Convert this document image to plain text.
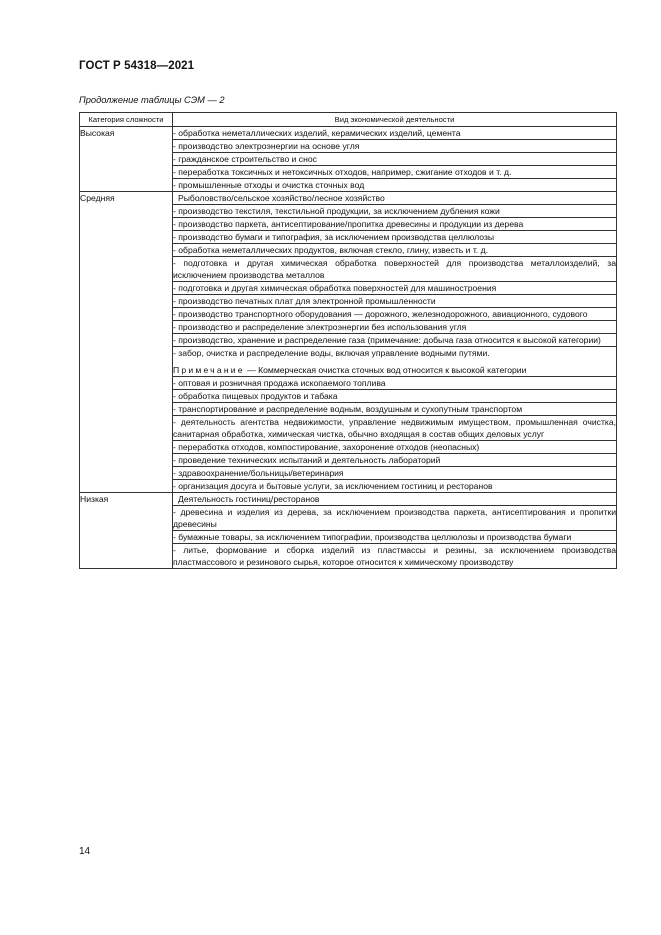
ГОСТ Р 54318—2021
Продолжение таблицы СЭМ — 2
Категория сложности	Вид экономической деятельности
Высокая	- обработка неметаллических изделий, керамических изделий, цемента
	- производство электроэнергии на основе угля
	- гражданское строительство и снос
	- переработка токсичных и нетоксичных отходов, например, сжигание отходов и т. д.
	- промышленные отходы и очистка сточных вод
Средняя	Рыболовство/сельское хозяйство/лесное хозяйство
	- производство текстиля, текстильной продукции, за исключением дубления кожи
	- производство паркета, антисептирование/пропитка древесины и продукции из дерева
	- производство бумаги и типография, за исключением производства целлюлозы
	- обработка неметаллических продуктов, включая стекло, глину, известь и т. д.
	- подготовка и другая химическая обработка поверхностей для производства металлоизделий, за исключением производства металлов
	- подготовка и другая химическая обработка поверхностей для машиностроения
	- производство печатных плат для электронной промышленности
	- производство транспортного оборудования — дорожного, железнодорожного, авиационного, судового
	- производство и распределение электроэнергии без использования угля
	- производство, хранение и распределение газа (примечание: добыча газа относится к высокой категории)
	- забор, очистка и распределение воды, включая управление водными путями.
Примечание — Коммерческая очистка сточных вод относится к высокой категории

	- оптовая и розничная продажа ископаемого топлива
	- обработка пищевых продуктов и табака
	- транспортирование и распределение водным, воздушным и сухопутным транспортом
	- деятельность агентства недвижимости, управление недвижимым имуществом, промышленная очистка, санитарная обработка, химическая чистка, обычно входящая в состав общих деловых услуг
	- переработка отходов, компостирование, захоронение отходов (неопасных)
	- проведение технических испытаний и деятельность лабораторий
	- здравоохранение/больницы/ветеринария
	- организация досуга и бытовые услуги, за исключением гостиниц и ресторанов
Низкая	Деятельность гостиниц/ресторанов
	- древесина и изделия из дерева, за исключением производства паркета, антисептирования и пропитки древесины
	- бумажные товары, за исключением типографии, производства целлюлозы и производства бумаги
	- литье, формование и сборка изделий из пластмассы и резины, за исключением производства пластмассового и резинового сырья, которое относится к химическому производству
14
